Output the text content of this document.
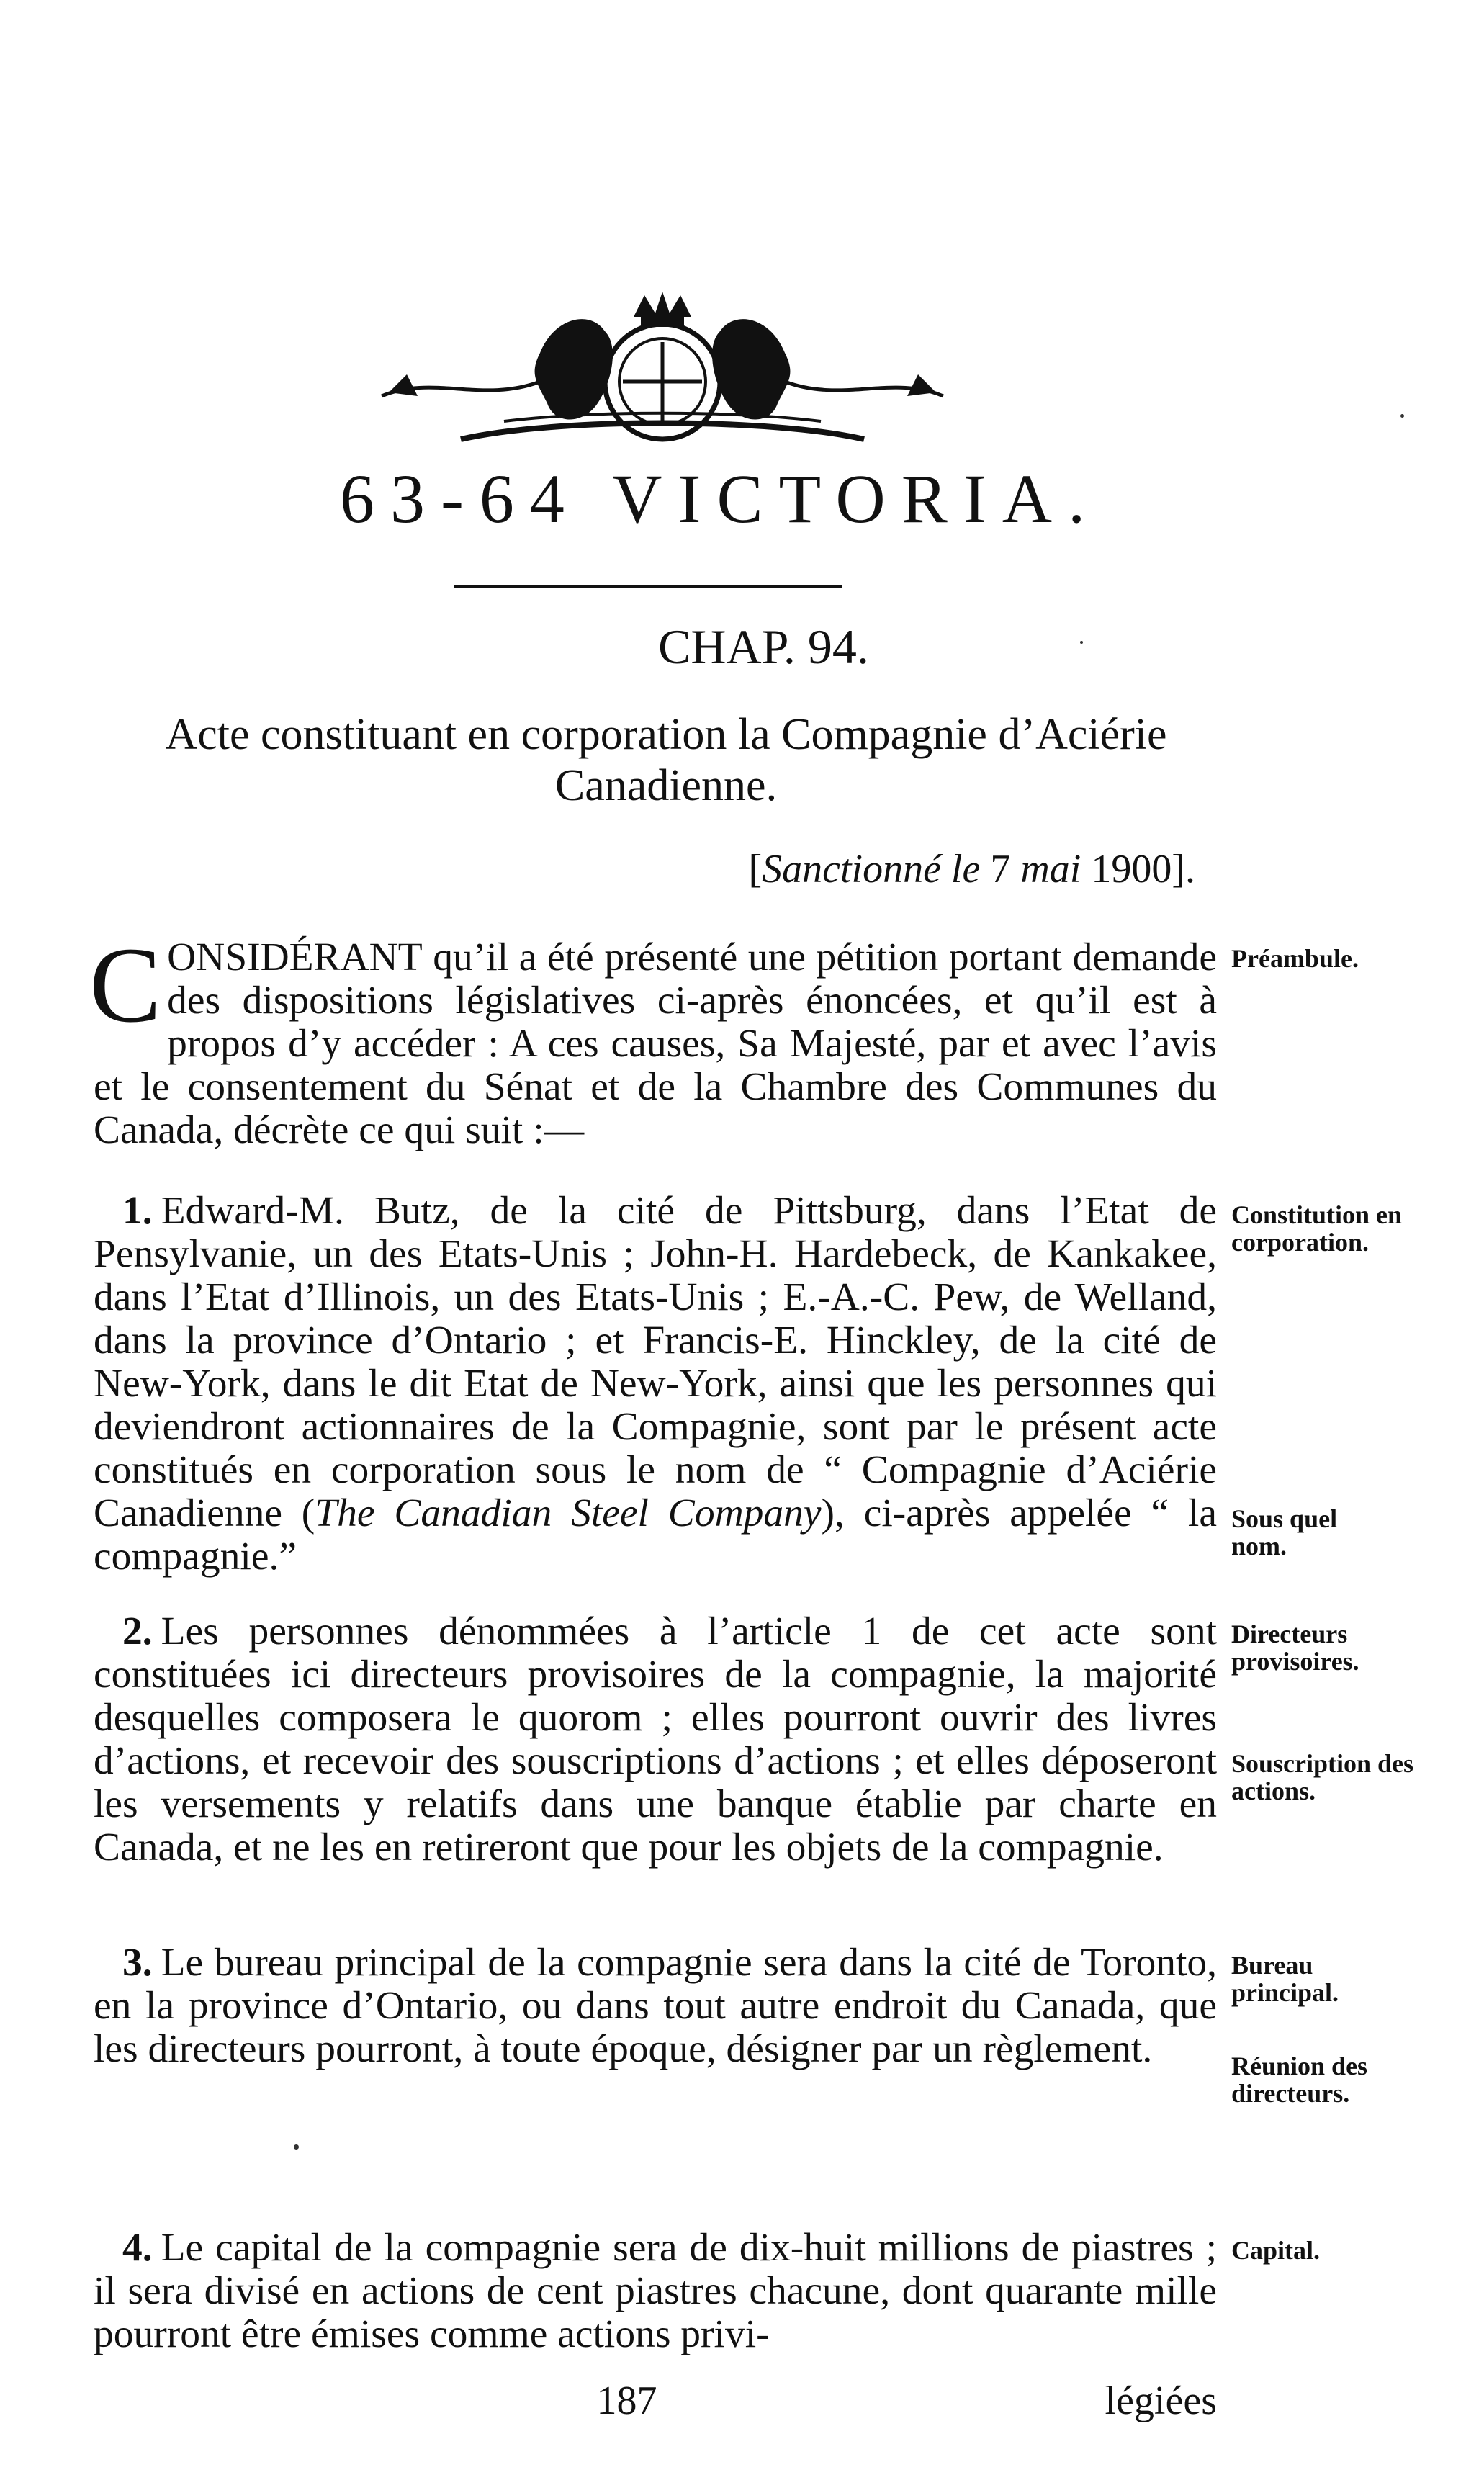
63-64 VICTORIA.
CHAP. 94.
Acte constituant en corporation la Compagnie d’Aciérie Canadienne.
[Sanctionné le 7 mai 1900].
CONSIDÉRANT qu’il a été présenté une pétition portant demande des dispositions législatives ci-après énoncées, et qu’il est à propos d’y accéder : A ces causes, Sa Majesté, par et avec l’avis et le consentement du Sénat et de la Chambre des Communes du Canada, décrète ce qui suit :—
Préambule.
1. Edward-M. Butz, de la cité de Pittsburg, dans l’Etat de Pensylvanie, un des Etats-Unis ; John-H. Hardebeck, de Kankakee, dans l’Etat d’Illinois, un des Etats-Unis ; E.-A.-C. Pew, de Welland, dans la province d’Ontario ; et Francis-E. Hinckley, de la cité de New-York, dans le dit Etat de New-York, ainsi que les personnes qui deviendront actionnaires de la Compagnie, sont par le présent acte constitués en corporation sous le nom de “ Compagnie d’Aciérie Canadienne (The Canadian Steel Company), ci-après appelée “ la compagnie.”
Constitution en corporation.
Sous quel nom.
2. Les personnes dénommées à l’article 1 de cet acte sont constituées ici directeurs provisoires de la compagnie, la majorité desquelles composera le quorom ; elles pourront ouvrir des livres d’actions, et recevoir des souscriptions d’actions ; et elles déposeront les versements y relatifs dans une banque établie par charte en Canada, et ne les en retireront que pour les objets de la compagnie.
Directeurs provisoires.
Souscription des actions.
3. Le bureau principal de la compagnie sera dans la cité de Toronto, en la province d’Ontario, ou dans tout autre endroit du Canada, que les directeurs pourront, à toute époque, désigner par un règlement.
Bureau principal.
Réunion des directeurs.
4. Le capital de la compagnie sera de dix-huit millions de piastres ; il sera divisé en actions de cent piastres chacune, dont quarante mille pourront être émises comme actions privi-
Capital.
187	légiées
